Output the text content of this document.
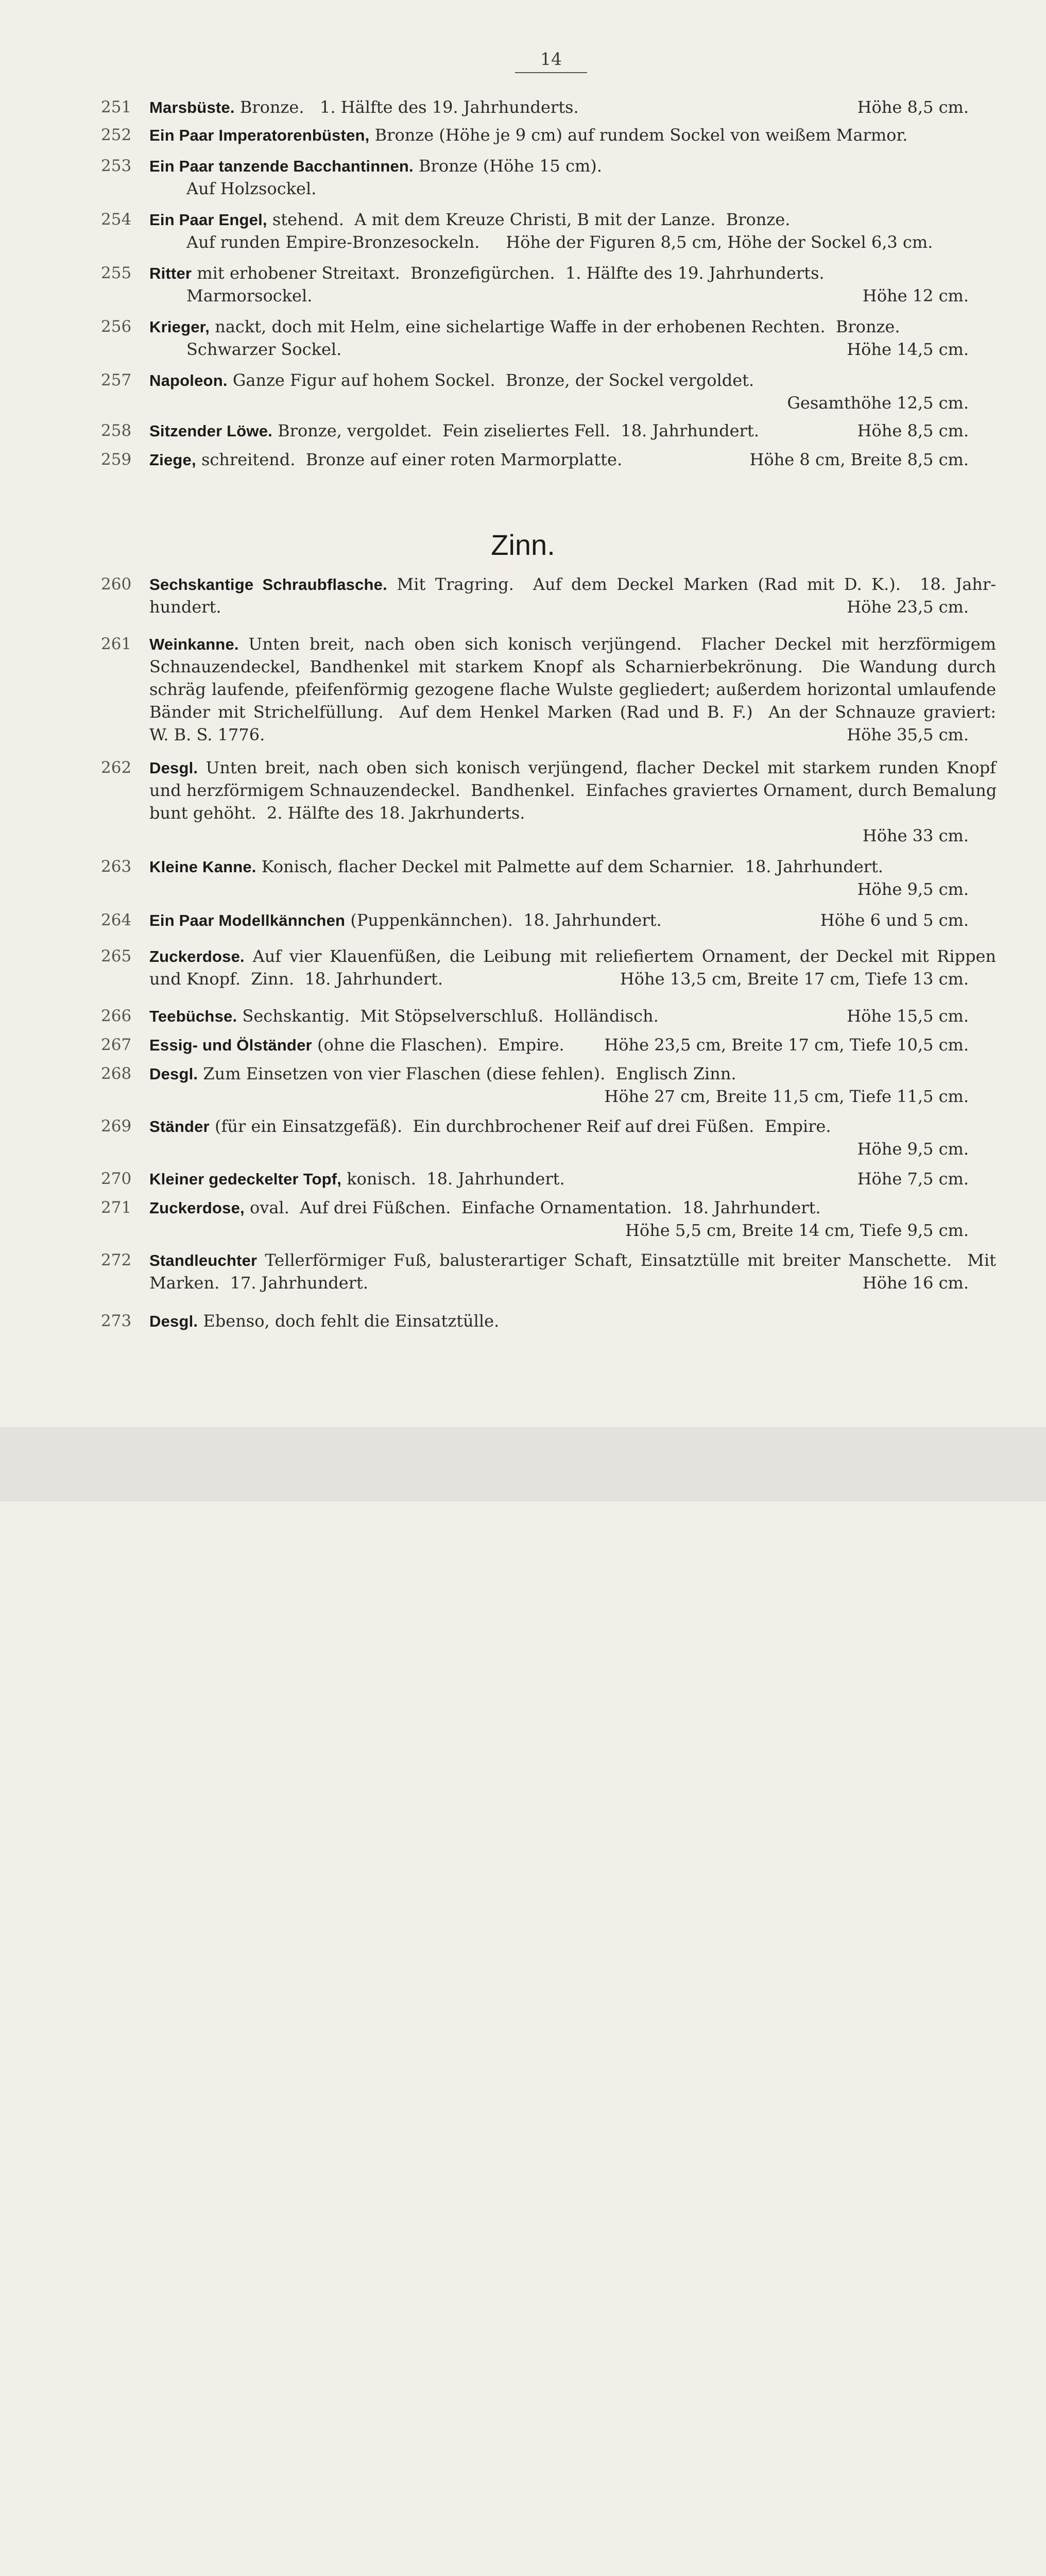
14
Zinn.
251	Marsbüste. Bronze.   1. Hälfte des 19. Jahrhunderts.	Höhe 8,5 cm.
252	Ein Paar Imperatorenbüsten, Bronze (Höhe je 9 cm) auf rundem Sockel von weißem Marmor.
253	Ein Paar tanzende Bacchantinnen. Bronze (Höhe 15 cm).
Auf Holzsockel.
254	Ein Paar Engel, stehend.  A mit dem Kreuze Christi, B mit der Lanze.  Bronze.
Auf runden Empire-Bronzesockeln.     Höhe der Figuren 8,5 cm, Höhe der Sockel 6,3 cm.
255	Ritter mit erhobener Streitaxt.  Bronzefigürchen.  1. Hälfte des 19. Jahrhunderts.
Marmorsockel.	Höhe 12 cm.
256	Krieger, nackt, doch mit Helm, eine sichelartige Waffe in der erhobenen Rechten.  Bronze.
Schwarzer Sockel.	Höhe 14,5 cm.
257	Napoleon. Ganze Figur auf hohem Sockel.  Bronze, der Sockel vergoldet.
Gesamthöhe 12,5 cm.
258	Sitzender Löwe. Bronze, vergoldet.  Fein ziseliertes Fell.  18. Jahrhundert.	Höhe 8,5 cm.
259	Ziege, schreitend.  Bronze auf einer roten Marmorplatte.	Höhe 8 cm, Breite 8,5 cm.
260	Sechskantige Schraubflasche. Mit Tragring.  Auf dem Deckel Marken (Rad mit D. K.).  18. Jahr-
hundert.	Höhe 23,5 cm.
261	Weinkanne. Unten breit, nach oben sich konisch verjüngend.  Flacher Deckel mit herzförmigem
Schnauzendeckel, Bandhenkel mit starkem Knopf als Scharnierbekrönung.  Die Wandung durch
schräg laufende, pfeifenförmig gezogene flache Wulste gegliedert; außerdem horizontal umlaufende
Bänder mit Strichelfüllung.  Auf dem Henkel Marken (Rad und B. F.)  An der Schnauze graviert:
W. B. S. 1776.	Höhe 35,5 cm.
262	Desgl. Unten breit, nach oben sich konisch verjüngend, flacher Deckel mit starkem runden Knopf
und herzförmigem Schnauzendeckel.  Bandhenkel.  Einfaches graviertes Ornament, durch Bemalung
bunt gehöht.  2. Hälfte des 18. Jakrhunderts.
Höhe 33 cm.
263	Kleine Kanne. Konisch, flacher Deckel mit Palmette auf dem Scharnier.  18. Jahrhundert.
Höhe 9,5 cm.
264	Ein Paar Modellkännchen (Puppenkännchen).  18. Jahrhundert.	Höhe 6 und 5 cm.
265	Zuckerdose. Auf vier Klauenfüßen, die Leibung mit reliefiertem Ornament, der Deckel mit Rippen
und Knopf.  Zinn.  18. Jahrhundert.	Höhe 13,5 cm, Breite 17 cm, Tiefe 13 cm.
266	Teebüchse. Sechskantig.  Mit Stöpselverschluß.  Holländisch.	Höhe 15,5 cm.
267	Essig- und Ölständer (ohne die Flaschen).  Empire.	Höhe 23,5 cm, Breite 17 cm, Tiefe 10,5 cm.
268	Desgl. Zum Einsetzen von vier Flaschen (diese fehlen).  Englisch Zinn.
Höhe 27 cm, Breite 11,5 cm, Tiefe 11,5 cm.
269	Ständer (für ein Einsatzgefäß).  Ein durchbrochener Reif auf drei Füßen.  Empire.
Höhe 9,5 cm.
270	Kleiner gedeckelter Topf, konisch.  18. Jahrhundert.	Höhe 7,5 cm.
271	Zuckerdose, oval.  Auf drei Füßchen.  Einfache Ornamentation.  18. Jahrhundert.
Höhe 5,5 cm, Breite 14 cm, Tiefe 9,5 cm.
272	Standleuchter Tellerförmiger Fuß, balusterartiger Schaft, Einsatztülle mit breiter Manschette.  Mit
Marken.  17. Jahrhundert.	Höhe 16 cm.
273	Desgl. Ebenso, doch fehlt die Einsatztülle.
